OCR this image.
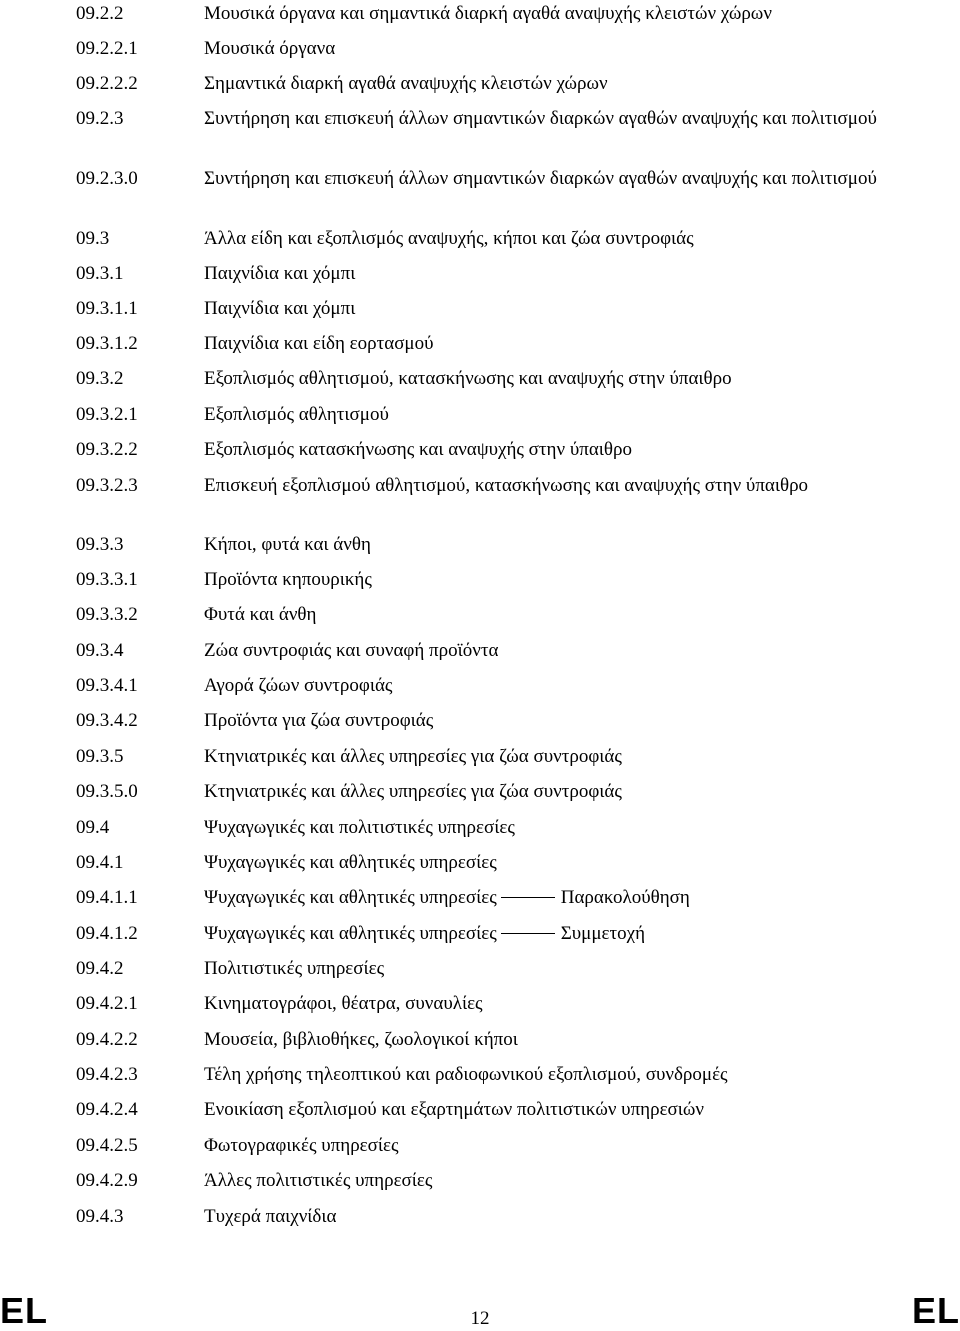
09.2.2	Μουσικά όργανα και σημαντικά διαρκή αγαθά αναψυχής κλειστών χώρων
09.2.2.1	Μουσικά όργανα
09.2.2.2	Σημαντικά διαρκή αγαθά αναψυχής κλειστών χώρων
09.2.3	Συντήρηση και επισκευή άλλων σημαντικών διαρκών αγαθών αναψυχής και πολιτισμού
09.2.3.0	Συντήρηση και επισκευή άλλων σημαντικών διαρκών αγαθών αναψυχής και πολιτισμού
09.3	Άλλα είδη και εξοπλισμός αναψυχής, κήποι και ζώα συντροφιάς
09.3.1	Παιχνίδια και χόμπι
09.3.1.1	Παιχνίδια και χόμπι
09.3.1.2	Παιχνίδια και είδη εορτασμού
09.3.2	Εξοπλισμός αθλητισμού, κατασκήνωσης και αναψυχής στην ύπαιθρο
09.3.2.1	Εξοπλισμός αθλητισμού
09.3.2.2	Εξοπλισμός κατασκήνωσης και αναψυχής στην ύπαιθρο
09.3.2.3	Επισκευή εξοπλισμού αθλητισμού, κατασκήνωσης και αναψυχής στην ύπαιθρο
09.3.3	Κήποι, φυτά και άνθη
09.3.3.1	Προϊόντα κηπουρικής
09.3.3.2	Φυτά και άνθη
09.3.4	Ζώα συντροφιάς και συναφή προϊόντα
09.3.4.1	Αγορά ζώων συντροφιάς
09.3.4.2	Προϊόντα για ζώα συντροφιάς
09.3.5	Κτηνιατρικές και άλλες υπηρεσίες για ζώα συντροφιάς
09.3.5.0	Κτηνιατρικές και άλλες υπηρεσίες για ζώα συντροφιάς
09.4	Ψυχαγωγικές και πολιτιστικές υπηρεσίες
09.4.1	Ψυχαγωγικές και αθλητικές υπηρεσίες
09.4.1.1	Ψυχαγωγικές και αθλητικές υπηρεσίες	Παρακολούθηση
09.4.1.2	Ψυχαγωγικές και αθλητικές υπηρεσίες	Συμμετοχή
09.4.2	Πολιτιστικές υπηρεσίες
09.4.2.1	Κινηματογράφοι, θέατρα, συναυλίες
09.4.2.2	Μουσεία, βιβλιοθήκες, ζωολογικοί κήποι
09.4.2.3	Τέλη χρήσης τηλεοπτικού και ραδιοφωνικού εξοπλισμού, συνδρομές
09.4.2.4	Ενοικίαση εξοπλισμού και εξαρτημάτων πολιτιστικών υπηρεσιών
09.4.2.5	Φωτογραφικές υπηρεσίες
09.4.2.9	Άλλες πολιτιστικές υπηρεσίες
09.4.3	Τυχερά παιχνίδια
EL	12	EL
